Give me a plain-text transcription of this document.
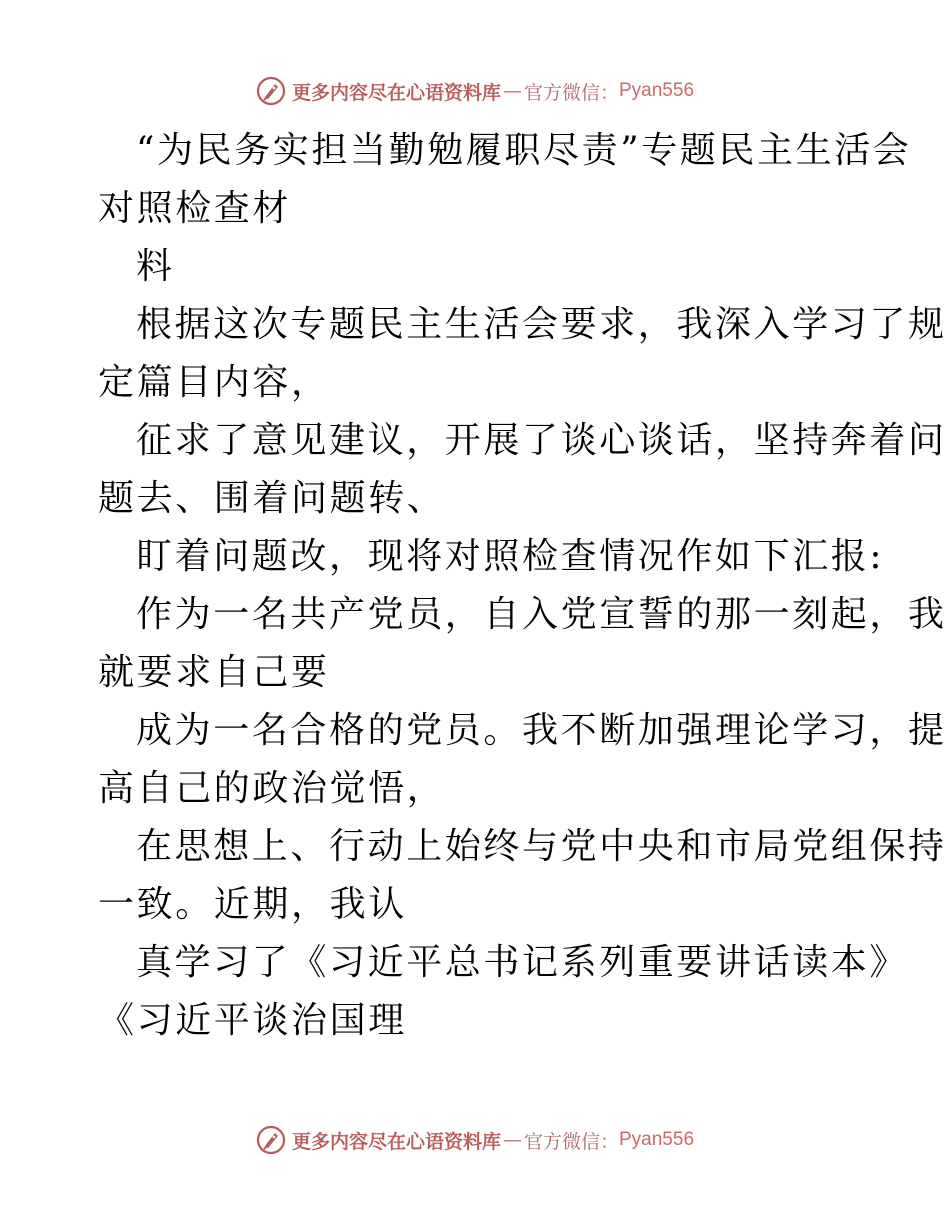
更多内容尽在心语资料库 — 官方微信： Pyan556
“为民务实担当勤勉履职尽责”专题民主生活会
对照检查材
料
根据这次专题民主生活会要求，我深入学习了规
定篇目内容，
征求了意见建议，开展了谈心谈话，坚持奔着问
题去、围着问题转、
盯着问题改，现将对照检查情况作如下汇报:
作为一名共产党员，自入党宣誓的那一刻起，我
就要求自己要
成为一名合格的党员。我不断加强理论学习，提
高自己的政治觉悟，
在思想上、行动上始终与党中央和市局党组保持
一致。近期，我认
真学习了《习近平总书记系列重要讲话读本》
《习近平谈治国理
更多内容尽在心语资料库 — 官方微信： Pyan556
